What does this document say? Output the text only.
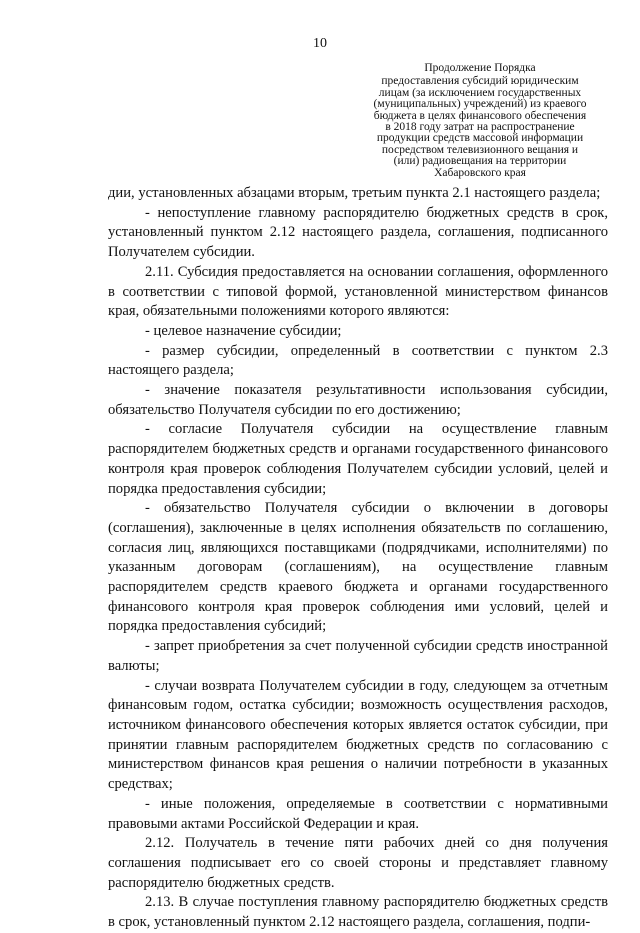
10
Продолжение Порядка
предоставления субсидий юридическим
лицам (за исключением государственных
(муниципальных) учреждений) из краевого
бюджета в целях финансового обеспечения
в 2018 году затрат на распространение
продукции средств массовой информации
посредством телевизионного вещания и
(или) радиовещания на территории
Хабаровского края

дии, установленных абзацами вторым, третьим пункта 2.1 настоящего раздела;

- непоступление главному распорядителю бюджетных средств в срок, установленный пунктом 2.12 настоящего раздела, соглашения, подписанного Получателем субсидии.

2.11. Субсидия предоставляется на основании соглашения, оформленного в соответствии с типовой формой, установленной министерством финансов края, обязательными положениями которого являются:

- целевое назначение субсидии;

- размер субсидии, определенный в соответствии с пунктом 2.3 настоящего раздела;

- значение показателя результативности использования субсидии, обязательство Получателя субсидии по его достижению;

- согласие Получателя субсидии на осуществление главным распорядителем бюджетных средств и органами государственного финансового контроля края проверок соблюдения Получателем субсидии условий, целей и порядка предоставления субсидии;

- обязательство Получателя субсидии о включении в договоры (соглашения), заключенные в целях исполнения обязательств по соглашению, согласия лиц, являющихся поставщиками (подрядчиками, исполнителями) по указанным договорам (соглашениям), на осуществление главным распорядителем средств краевого бюджета и органами государственного финансового контроля края проверок соблюдения ими условий, целей и порядка предоставления субсидий;

- запрет приобретения за счет полученной субсидии средств иностранной валюты;

- случаи возврата Получателем субсидии в году, следующем за отчетным финансовым годом, остатка субсидии; возможность осуществления расходов, источником финансового обеспечения которых является остаток субсидии, при принятии главным распорядителем бюджетных средств по согласованию с министерством финансов края решения о наличии потребности в указанных средствах;

- иные положения, определяемые в соответствии с нормативными правовыми актами Российской Федерации и края.

2.12. Получатель в течение пяти рабочих дней со дня получения соглашения подписывает его со своей стороны и представляет главному распорядителю бюджетных средств.

2.13. В случае поступления главному распорядителю бюджетных средств в срок, установленный пунктом 2.12 настоящего раздела, соглашения, подпи-
